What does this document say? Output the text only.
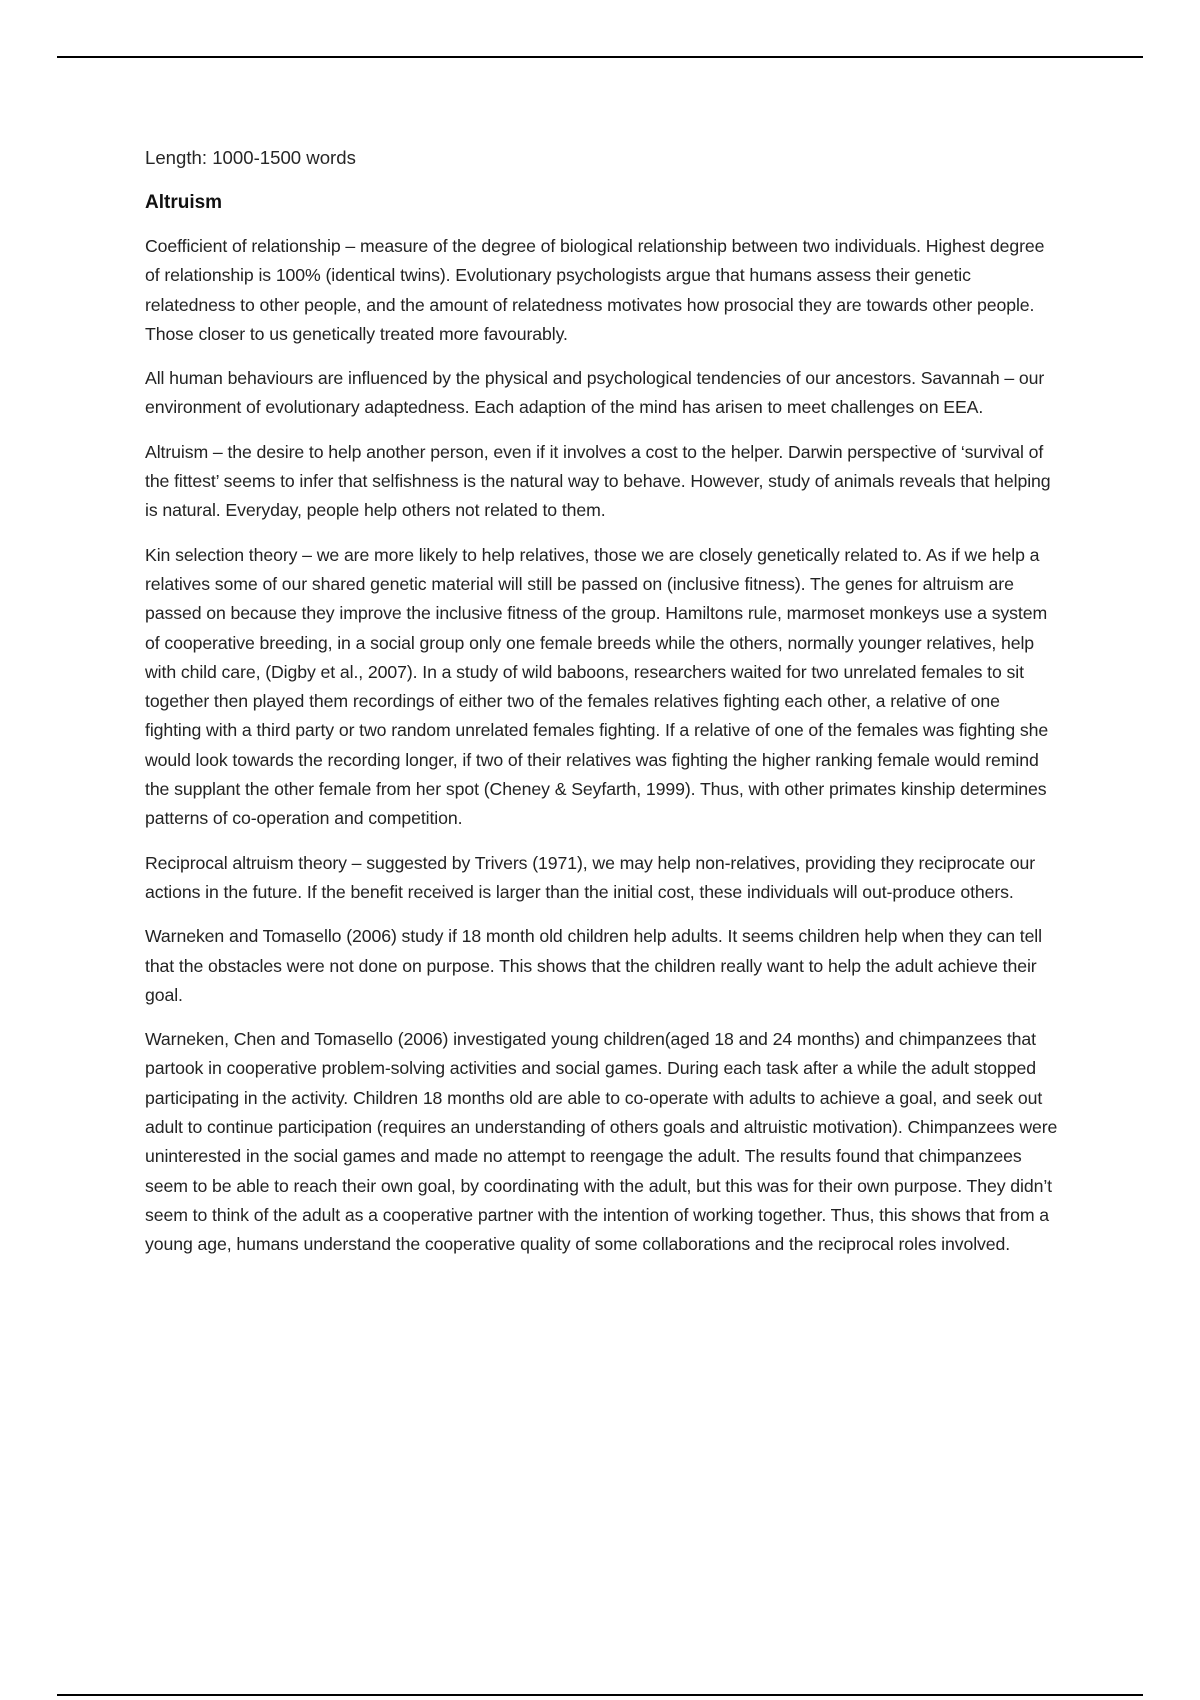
Length: 1000-1500 words

Altruism

Coefficient of relationship – measure of the degree of biological relationship between two individuals. Highest degree of relationship is 100% (identical twins). Evolutionary psychologists argue that humans assess their genetic relatedness to other people, and the amount of relatedness motivates how prosocial they are towards other people. Those closer to us genetically treated more favourably.

All human behaviours are influenced by the physical and psychological tendencies of our ancestors. Savannah – our environment of evolutionary adaptedness. Each adaption of the mind has arisen to meet challenges on EEA.

Altruism – the desire to help another person, even if it involves a cost to the helper. Darwin perspective of ‘survival of the fittest’ seems to infer that selfishness is the natural way to behave. However, study of animals reveals that helping is natural. Everyday, people help others not related to them.

Kin selection theory – we are more likely to help relatives, those we are closely genetically related to. As if we help a relatives some of our shared genetic material will still be passed on (inclusive fitness). The genes for altruism are passed on because they improve the inclusive fitness of the group. Hamiltons rule, marmoset monkeys use a system of cooperative breeding, in a social group only one female breeds while the others, normally younger relatives, help with child care, (Digby et al., 2007). In a study of wild baboons, researchers waited for two unrelated females to sit together then played them recordings of either two of the females relatives fighting each other, a relative of one fighting with a third party or two random unrelated females fighting. If a relative of one of the females was fighting she would look towards the recording longer, if two of their relatives was fighting the higher ranking female would remind the supplant the other female from her spot (Cheney & Seyfarth, 1999). Thus, with other primates kinship determines patterns of co-operation and competition.

Reciprocal altruism theory – suggested by Trivers (1971), we may help non-relatives, providing they reciprocate our actions in the future. If the benefit received is larger than the initial cost, these individuals will out-produce others.

Warneken and Tomasello (2006) study if 18 month old children help adults. It seems children help when they can tell that the obstacles were not done on purpose. This shows that the children really want to help the adult achieve their goal.

Warneken, Chen and Tomasello (2006) investigated young children(aged 18 and 24 months) and chimpanzees that partook in cooperative problem-solving activities and social games. During each task after a while the adult stopped participating in the activity. Children 18 months old are able to co-operate with adults to achieve a goal, and seek out adult to continue participation (requires an understanding of others goals and altruistic motivation). Chimpanzees were uninterested in the social games and made no attempt to reengage the adult. The results found that chimpanzees seem to be able to reach their own goal, by coordinating with the adult, but this was for their own purpose. They didn’t seem to think of the adult as a cooperative partner with the intention of working together. Thus, this shows that from a young age, humans understand the cooperative quality of some collaborations and the reciprocal roles involved.
